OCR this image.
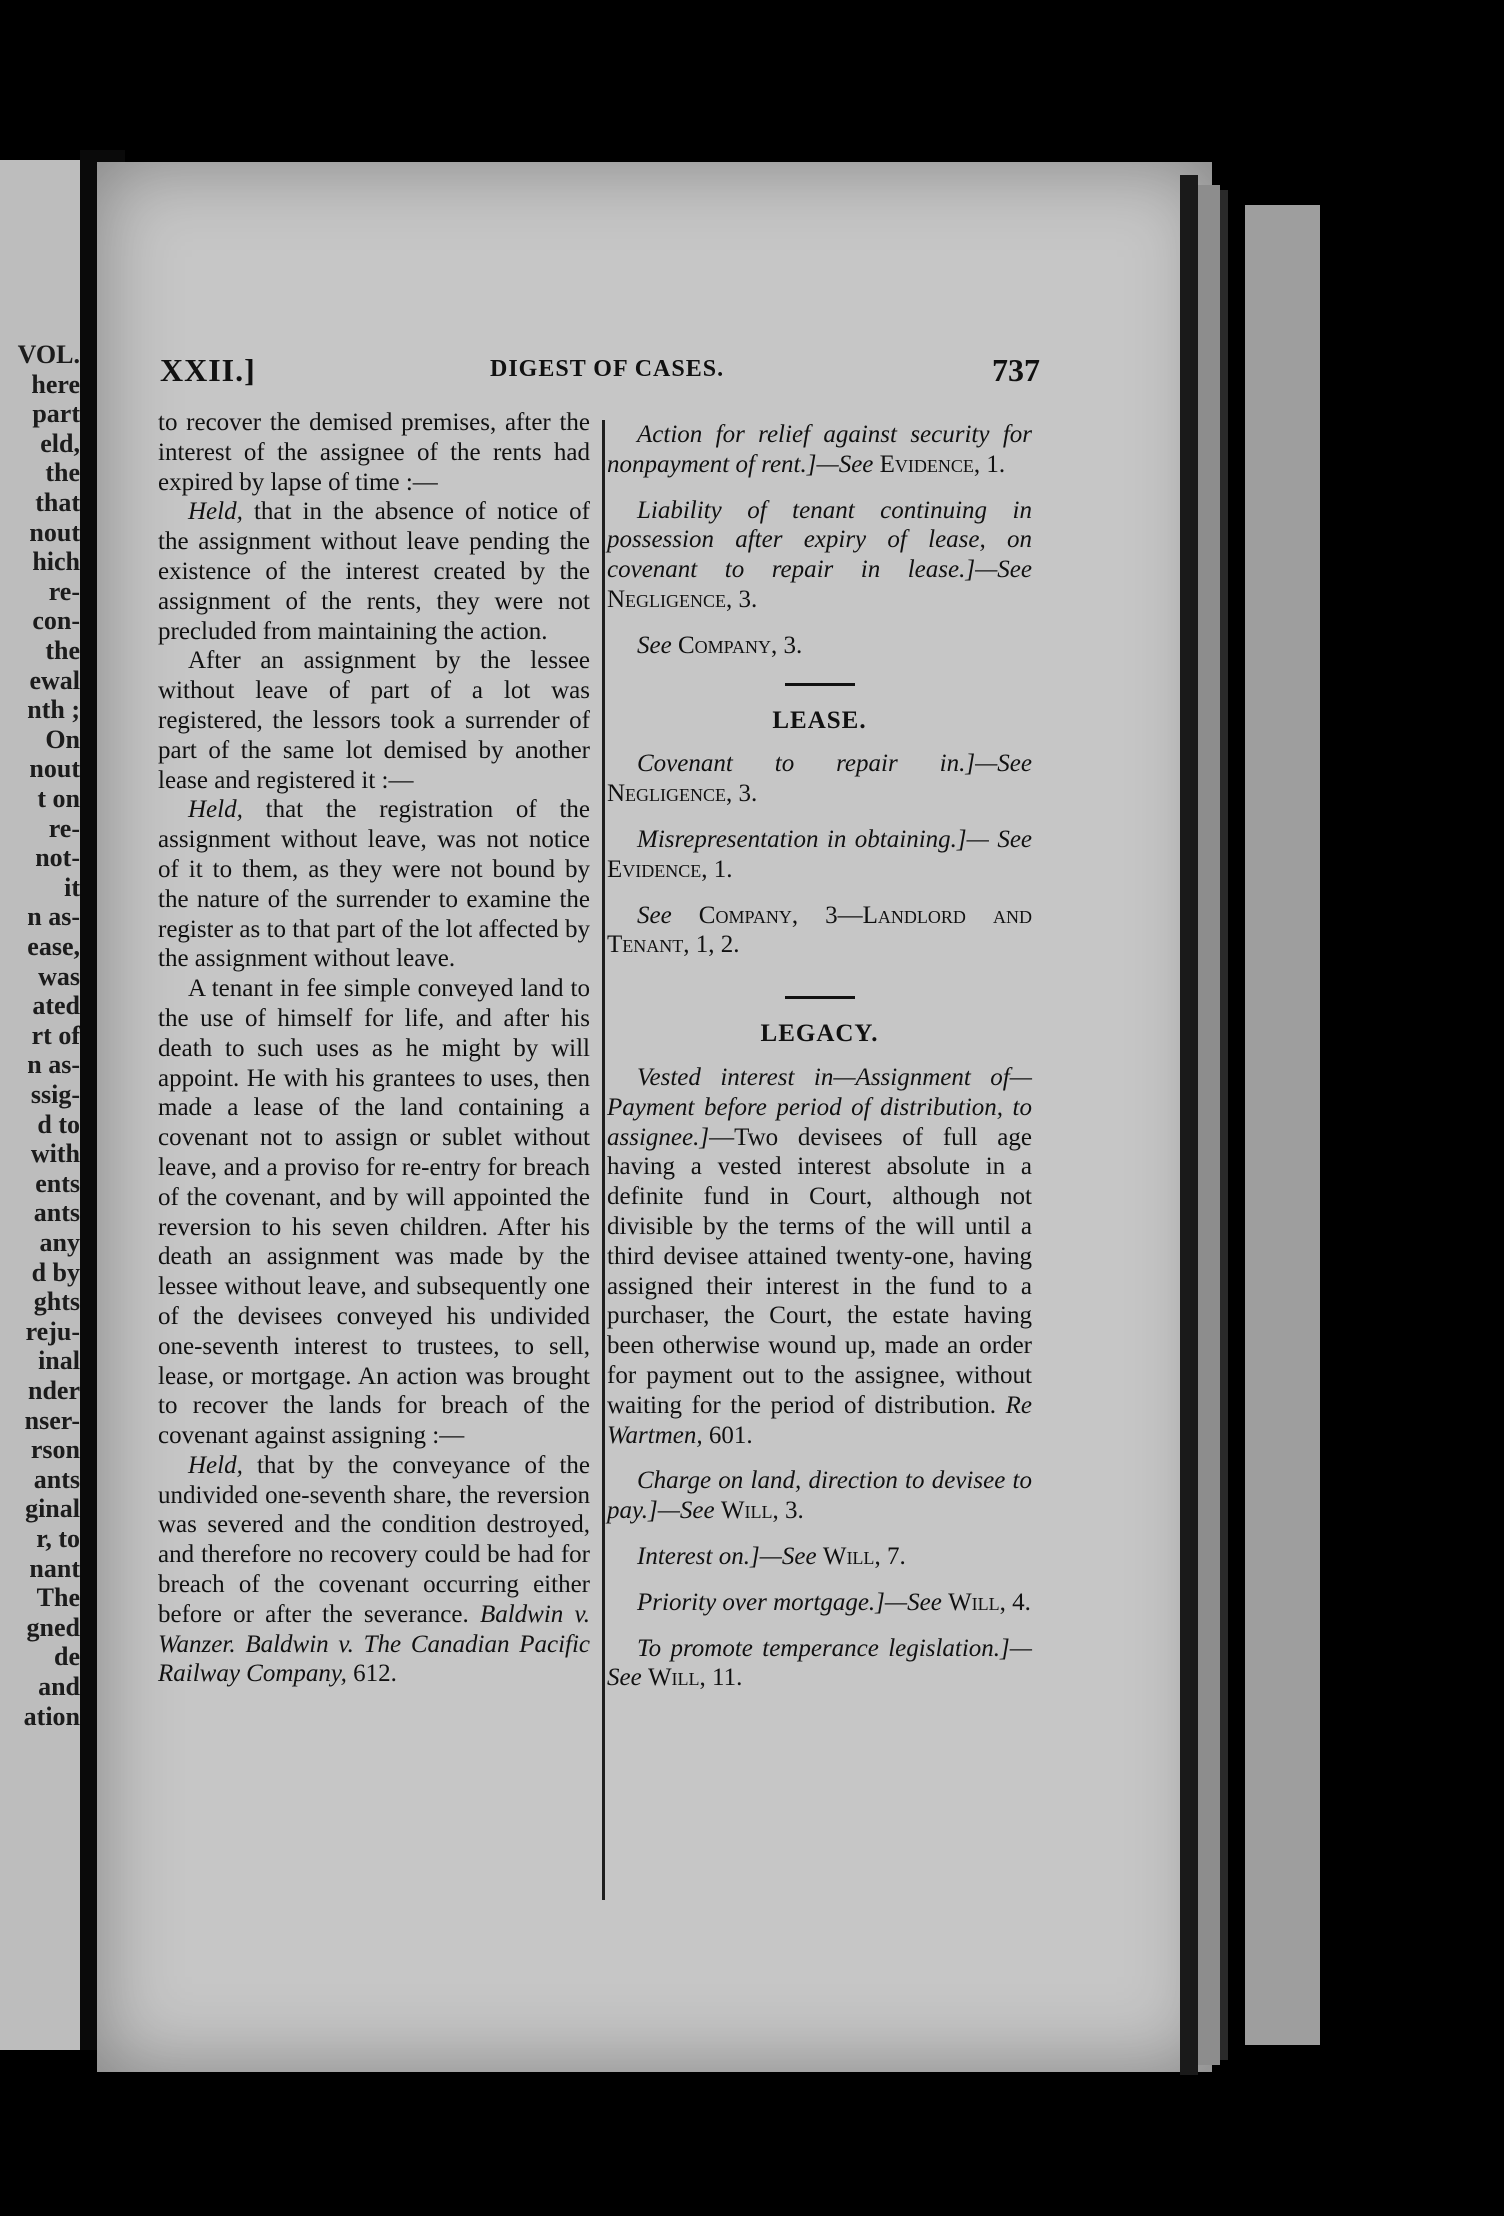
VOL.
here
part
eld,
the
that
nout
hich
re-
con-
the
ewal
nth ;
On
nout
t on
re-
not-
it
n as-
ease,
was
ated
rt of
n as-
ssig-
d to
with
ents
ants
any
d by
ghts
reju-
inal
nder
nser-
rson
ants
ginal
r, to
nant
The
gned
de
and
ation
XXII.]	DIGEST OF CASES.	737

to recover the demised premises, after the interest of the assignee of the rents had expired by lapse of time :—

Held, that in the absence of notice of the assignment without leave pending the existence of the interest created by the assignment of the rents, they were not precluded from maintaining the action.

After an assignment by the lessee without leave of part of a lot was registered, the lessors took a surrender of part of the same lot demised by another lease and registered it :—

Held, that the registration of the assignment without leave, was not notice of it to them, as they were not bound by the nature of the surrender to examine the register as to that part of the lot affected by the assignment without leave.

A tenant in fee simple conveyed land to the use of himself for life, and after his death to such uses as he might by will appoint. He with his grantees to uses, then made a lease of the land containing a covenant not to assign or sublet without leave, and a proviso for re-entry for breach of the covenant, and by will appointed the reversion to his seven children. After his death an assignment was made by the lessee without leave, and subsequently one of the devisees conveyed his undivided one-seventh interest to trustees, to sell, lease, or mortgage. An action was brought to recover the lands for breach of the covenant against assigning :—

Held, that by the conveyance of the undivided one-seventh share, the reversion was severed and the condition destroyed, and therefore no recovery could be had for breach of the covenant occurring either before or after the severance. Baldwin v. Wanzer. Baldwin v. The Canadian Pacific Railway Company, 612.

Action for relief against security for nonpayment of rent.]—See Evidence, 1.

Liability of tenant continuing in possession after expiry of lease, on covenant to repair in lease.]—See Negligence, 3.

See Company, 3.

LEASE.

Covenant to repair in.]—See Negligence, 3.

Misrepresentation in obtaining.]— See Evidence, 1.

See Company, 3—Landlord and Tenant, 1, 2.

LEGACY.

Vested interest in—Assignment of—Payment before period of distribution, to assignee.]—Two devisees of full age having a vested interest absolute in a definite fund in Court, although not divisible by the terms of the will until a third devisee attained twenty-one, having assigned their interest in the fund to a purchaser, the Court, the estate having been otherwise wound up, made an order for payment out to the assignee, without waiting for the period of distribution. Re Wartmen, 601.

Charge on land, direction to devisee to pay.]—See Will, 3.

Interest on.]—See Will, 7.

Priority over mortgage.]—See Will, 4.

To promote temperance legislation.]—See Will, 11.
